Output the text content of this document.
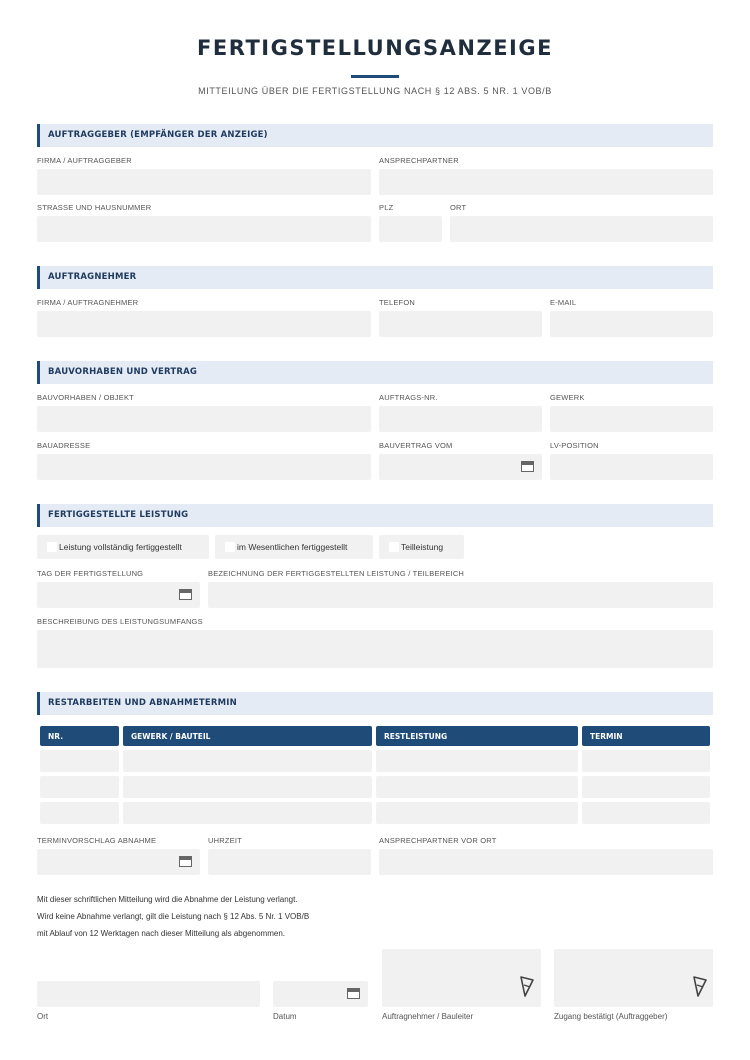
FERTIGSTELLUNGSANZEIGE
MITTEILUNG ÜBER DIE FERTIGSTELLUNG NACH § 12 ABS. 5 NR. 1 VOB/B
AUFTRAGGEBER (EMPFÄNGER DER ANZEIGE)
FIRMA / AUFTRAGGEBER	ANSPRECHPARTNER
STRASSE UND HAUSNUMMER	PLZ	ORT
AUFTRAGNEHMER
FIRMA / AUFTRAGNEHMER	TELEFON	E-MAIL
BAUVORHABEN UND VERTRAG
BAUVORHABEN / OBJEKT	AUFTRAGS-NR.	GEWERK
BAUADRESSE	BAUVERTRAG VOM	LV-POSITION
FERTIGGESTELLTE LEISTUNG
Leistung vollständig fertiggestellt	im Wesentlichen fertiggestellt	Teilleistung
TAG DER FERTIGSTELLUNG	BEZEICHNUNG DER FERTIGGESTELLTEN LEISTUNG / TEILBEREICH
BESCHREIBUNG DES LEISTUNGSUMFANGS
RESTARBEITEN UND ABNAHMETERMIN
NR.	GEWERK / BAUTEIL	RESTLEISTUNG	TERMIN
TERMINVORSCHLAG ABNAHME	UHRZEIT	ANSPRECHPARTNER VOR ORT
Mit dieser schriftlichen Mitteilung wird die Abnahme der Leistung verlangt.
Wird keine Abnahme verlangt, gilt die Leistung nach § 12 Abs. 5 Nr. 1 VOB/B
mit Ablauf von 12 Werktagen nach dieser Mitteilung als abgenommen.
Ort	Datum	Auftragnehmer / Bauleiter	Zugang bestätigt (Auftraggeber)
